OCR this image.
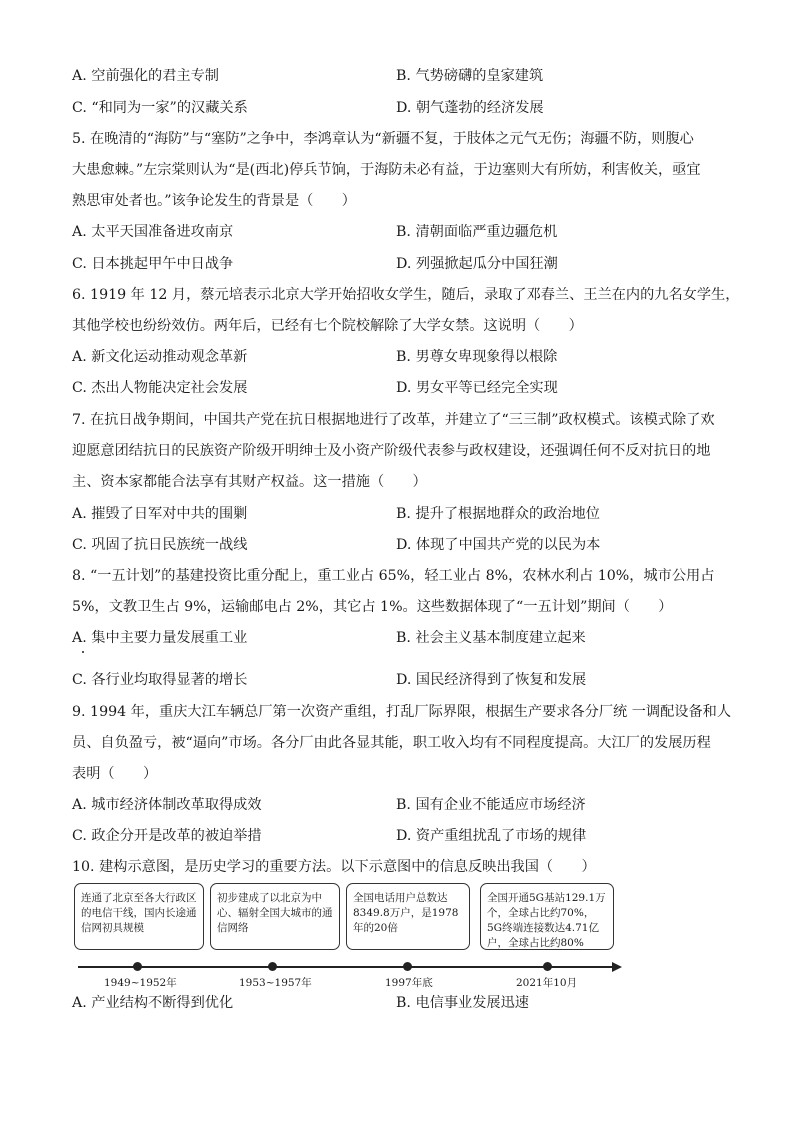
A. 空前强化的君主专制	B. 气势磅礴的皇家建筑
C. “和同为一家”的汉藏关系	D. 朝气蓬勃的经济发展
5. 在晚清的“海防”与“塞防”之争中，李鸿章认为“新疆不复，于肢体之元气无伤；海疆不防，则腹心
大患愈棘。”左宗棠则认为“是(西北)停兵节饷，于海防未必有益，于边塞则大有所妨，利害攸关，亟宜
熟思审处者也。”该争论发生的背景是（　　）
A. 太平天国准备进攻南京	B. 清朝面临严重边疆危机
C. 日本挑起甲午中日战争	D. 列强掀起瓜分中国狂潮
6. 1919 年 12 月，蔡元培表示北京大学开始招收女学生，随后，录取了邓春兰、王兰在内的九名女学生，
其他学校也纷纷效仿。两年后，已经有七个院校解除了大学女禁。这说明（　　）
A. 新文化运动推动观念革新	B. 男尊女卑现象得以根除
C. 杰出人物能决定社会发展	D. 男女平等已经完全实现
7. 在抗日战争期间，中国共产党在抗日根据地进行了改革，并建立了“三三制”政权模式。该模式除了欢
迎愿意团结抗日的民族资产阶级开明绅士及小资产阶级代表参与政权建设，还强调任何不反对抗日的地
主、资本家都能合法享有其财产权益。这一措施（　　）
A. 摧毁了日军对中共的围剿	B. 提升了根据地群众的政治地位
C. 巩固了抗日民族统一战线	D. 体现了中国共产党的以民为本
8. “一五计划”的基建投资比重分配上，重工业占 65%，轻工业占 8%，农林水利占 10%，城市公用占
5%，文教卫生占 9%，运输邮电占 2%，其它占 1%。这些数据体现了“一五计划”期间（　　）
A. 集中主要力量发展重工业	B. 社会主义基本制度建立起来
C. 各行业均取得显著的增长	D. 国民经济得到了恢复和发展
9. 1994 年，重庆大江车辆总厂第一次资产重组，打乱厂际界限，根据生产要求各分厂统 一调配设备和人
员、自负盈亏，被“逼向”市场。各分厂由此各显其能，职工收入均有不同程度提高。大江厂的发展历程
表明（　　）
A. 城市经济体制改革取得成效	B. 国有企业不能适应市场经济
C. 政企分开是改革的被迫举措	D. 资产重组扰乱了市场的规律
10. 建构示意图，是历史学习的重要方法。以下示意图中的信息反映出我国（　　）
连通了北京至各大行政区的电信干线，国内长途通信网初具规模
初步建成了以北京为中心、辐射全国大城市的通信网络
全国电话用户总数达8349.8万户，是1978年的20倍
全国开通5G基站129.1万个，全球占比约70%，5G终端连接数达4.71亿户，全球占比约80%
1949~1952年	1953~1957年	1997年底	2021年10月
A. 产业结构不断得到优化	B. 电信事业发展迅速
